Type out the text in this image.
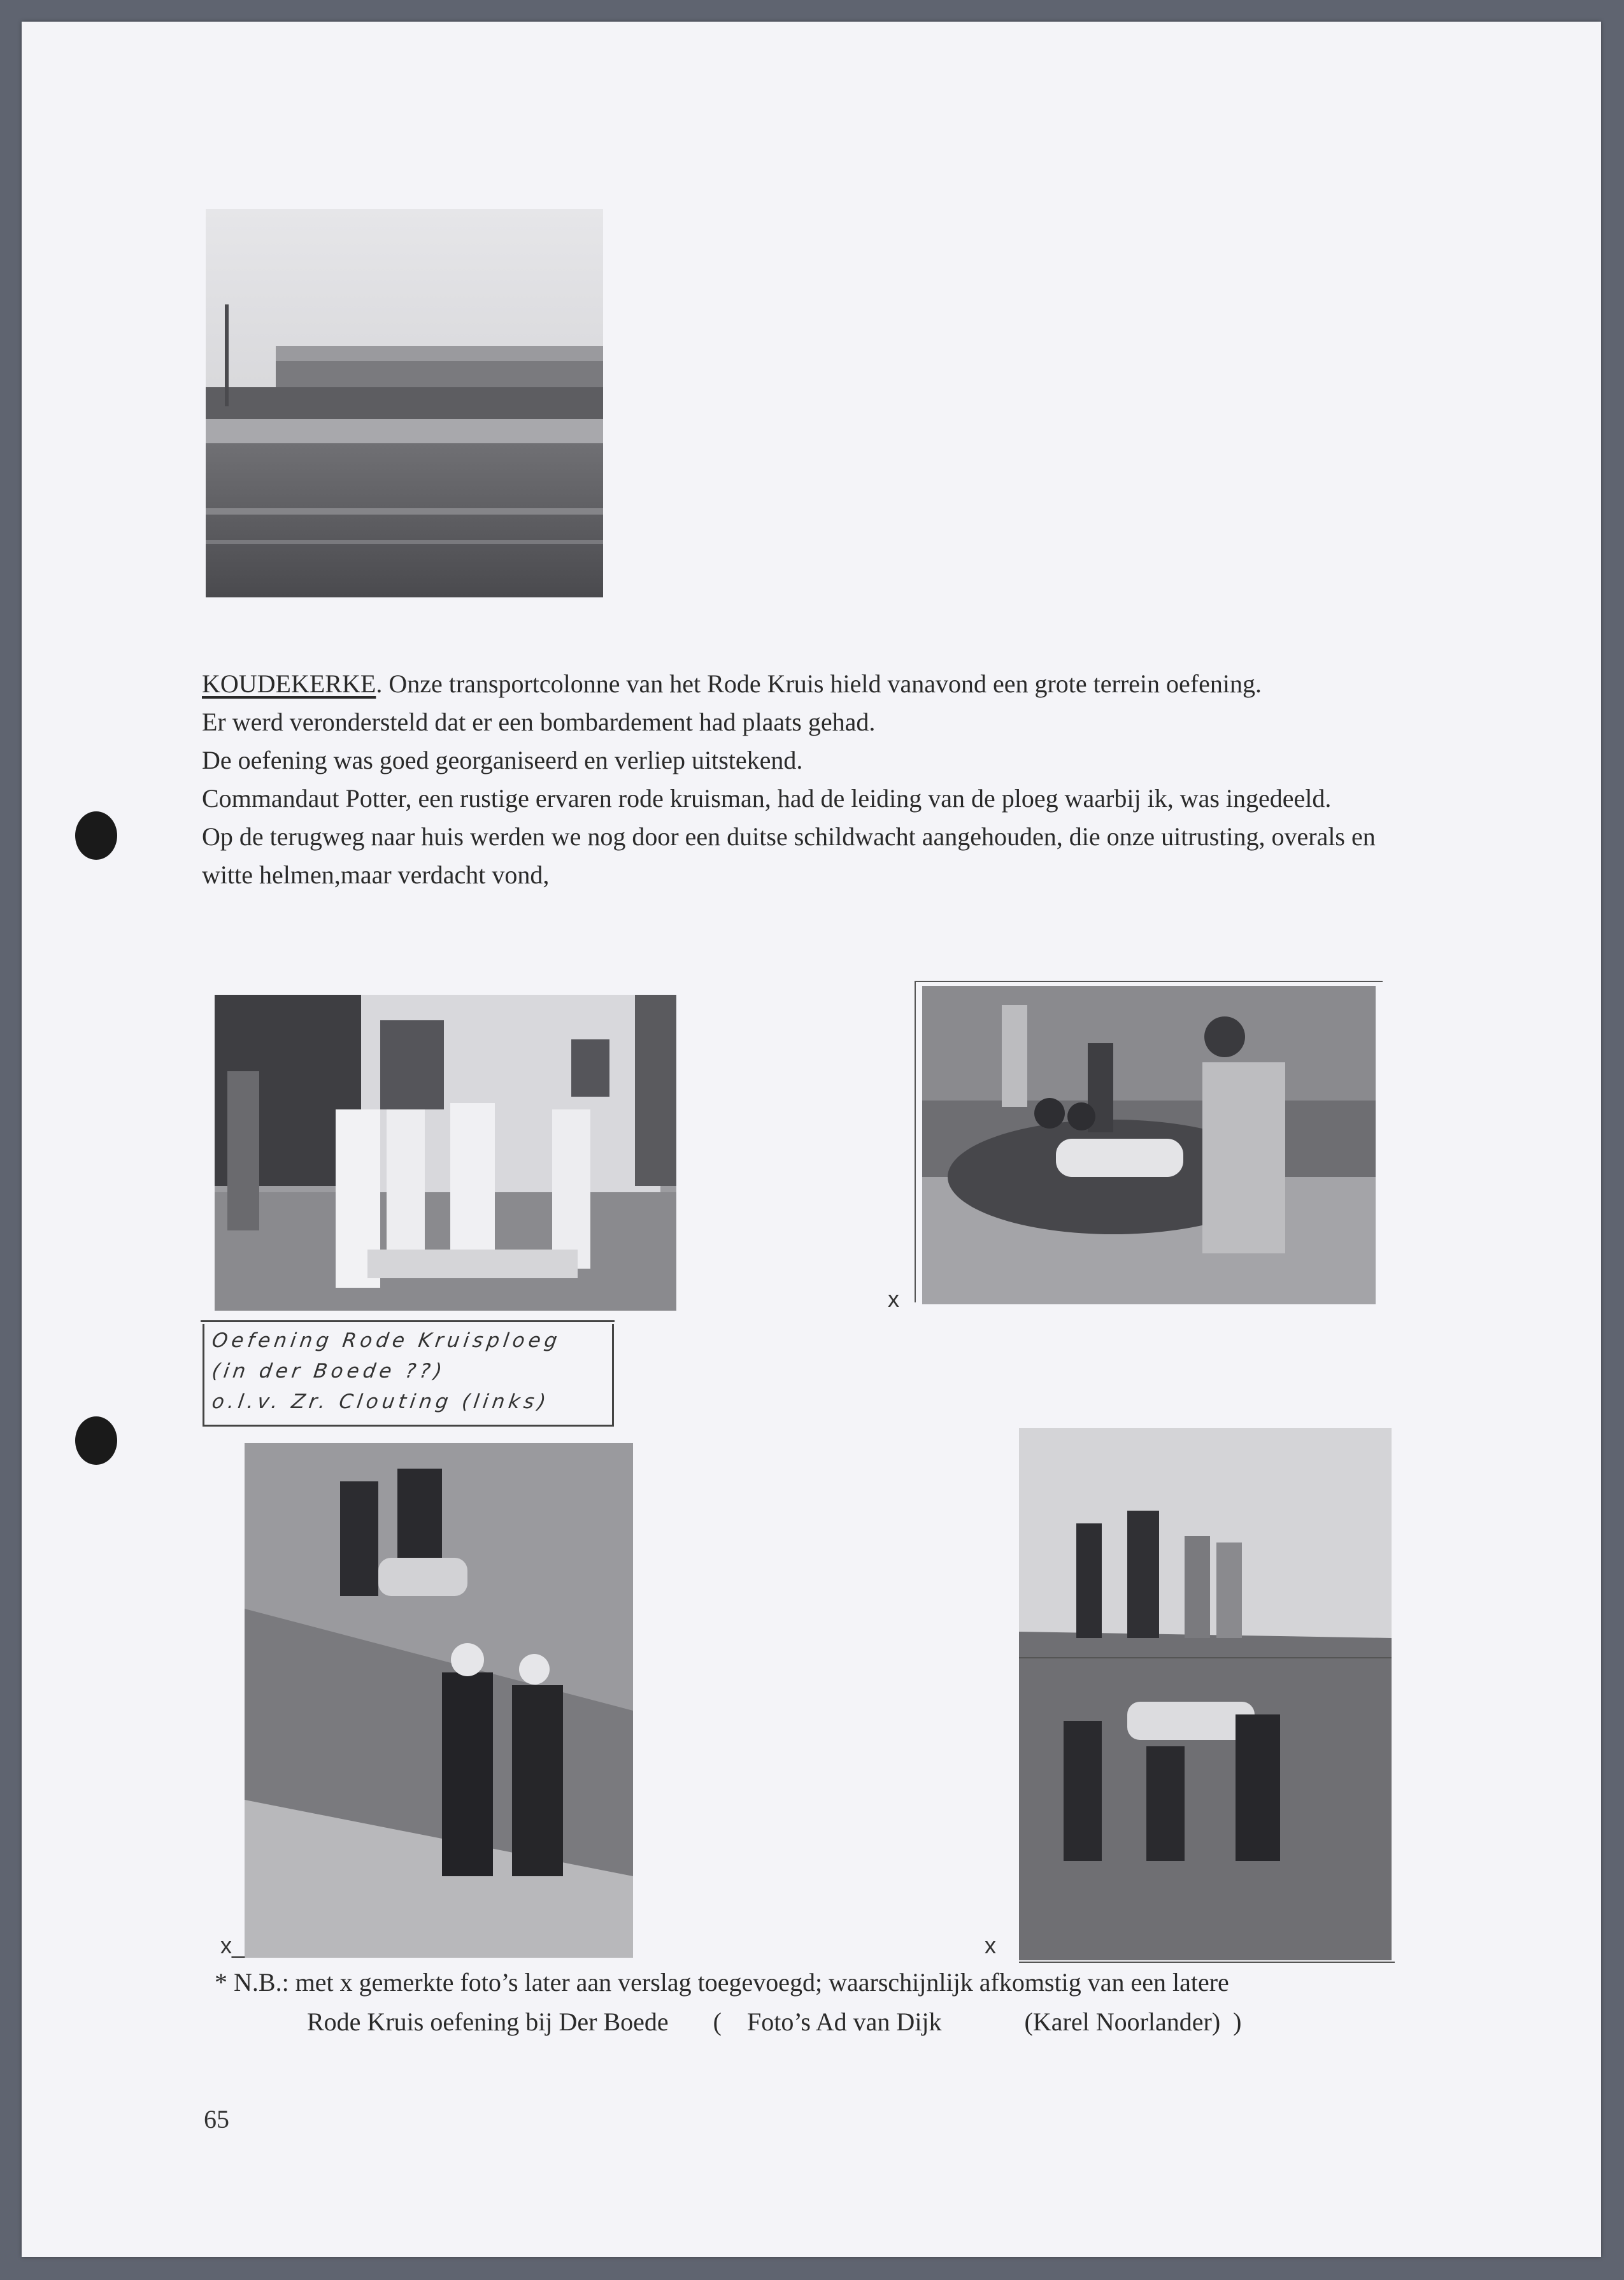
KOUDEKERKE. Onze transportcolonne van het Rode Kruis hield vanavond een grote terrein oefening.

Er werd verondersteld dat er een bombardement had plaats gehad.

De oefening was goed georganiseerd en verliep uitstekend.

Commandaut Potter, een rustige ervaren rode kruisman, had de leiding van de ploeg waarbij ik, was ingedeeld.

Op de terugweg naar huis werden we nog door een duitse schildwacht aangehouden, die onze uitrusting, overals en witte helmen,maar verdacht vond,

x
Oefening Rode Kruisploeg
(in der Boede ??)
o.l.v. Zr. Clouting (links)
x_	x
* N.B.: met x gemerkte foto’s later aan verslag toegevoegd; waarschijnlijk afkomstig van een latere
Rode Kruis oefening bij Der Boede       (    Foto’s Ad van Dijk             (Karel Noorlander)  )
65
